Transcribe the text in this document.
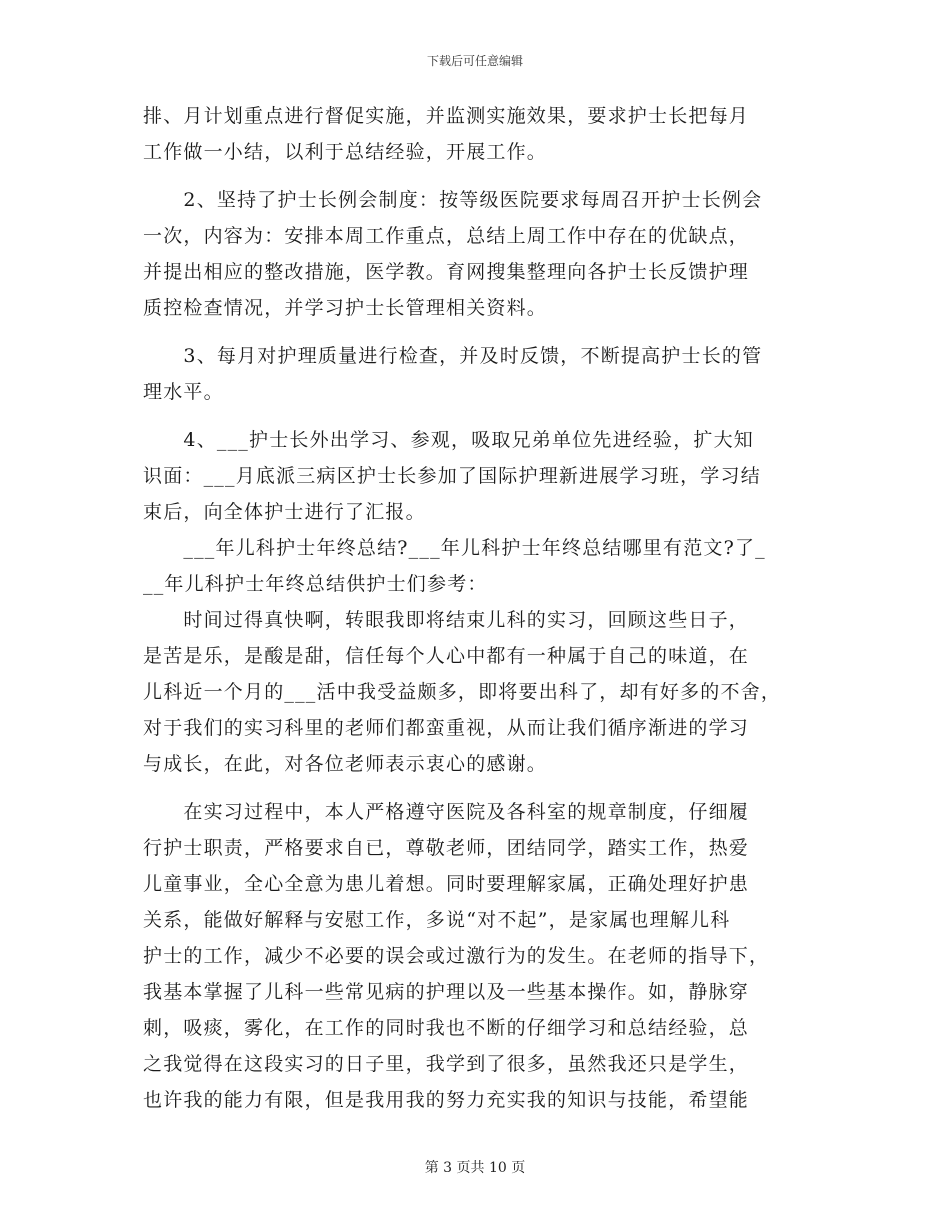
下载后可任意编辑
排、月计划重点进行督促实施，并监测实施效果，要求护士长把每月
工作做一小结，以利于总结经验，开展工作。
　　2、坚持了护士长例会制度：按等级医院要求每周召开护士长例会
一次，内容为：安排本周工作重点，总结上周工作中存在的优缺点，
并提出相应的整改措施，医学教。育网搜集整理向各护士长反馈护理
质控检查情况，并学习护士长管理相关资料。
　　3、每月对护理质量进行检查，并及时反馈，不断提高护士长的管
理水平。
　　4、___护士长外出学习、参观，吸取兄弟单位先进经验，扩大知
识面：___月底派三病区护士长参加了国际护理新进展学习班，学习结
束后，向全体护士进行了汇报。
　　___年儿科护士年终总结?___年儿科护士年终总结哪里有范文?了_
__年儿科护士年终总结供护士们参考：
　　时间过得真快啊，转眼我即将结束儿科的实习，回顾这些日子，
是苦是乐，是酸是甜，信任每个人心中都有一种属于自己的味道，在
儿科近一个月的___活中我受益颇多，即将要出科了，却有好多的不舍，
对于我们的实习科里的老师们都蛮重视，从而让我们循序渐进的学习
与成长，在此，对各位老师表示衷心的感谢。
　　在实习过程中，本人严格遵守医院及各科室的规章制度，仔细履
行护士职责，严格要求自已，尊敬老师，团结同学，踏实工作，热爱
儿童事业，全心全意为患儿着想。同时要理解家属，正确处理好护患
关系，能做好解释与安慰工作，多说“对不起”，是家属也理解儿科
护士的工作，减少不必要的误会或过激行为的发生。在老师的指导下，
我基本掌握了儿科一些常见病的护理以及一些基本操作。如，静脉穿
刺，吸痰，雾化，在工作的同时我也不断的仔细学习和总结经验，总
之我觉得在这段实习的日子里，我学到了很多，虽然我还只是学生，
也许我的能力有限，但是我用我的努力充实我的知识与技能，希望能
第 3 页共 10 页
